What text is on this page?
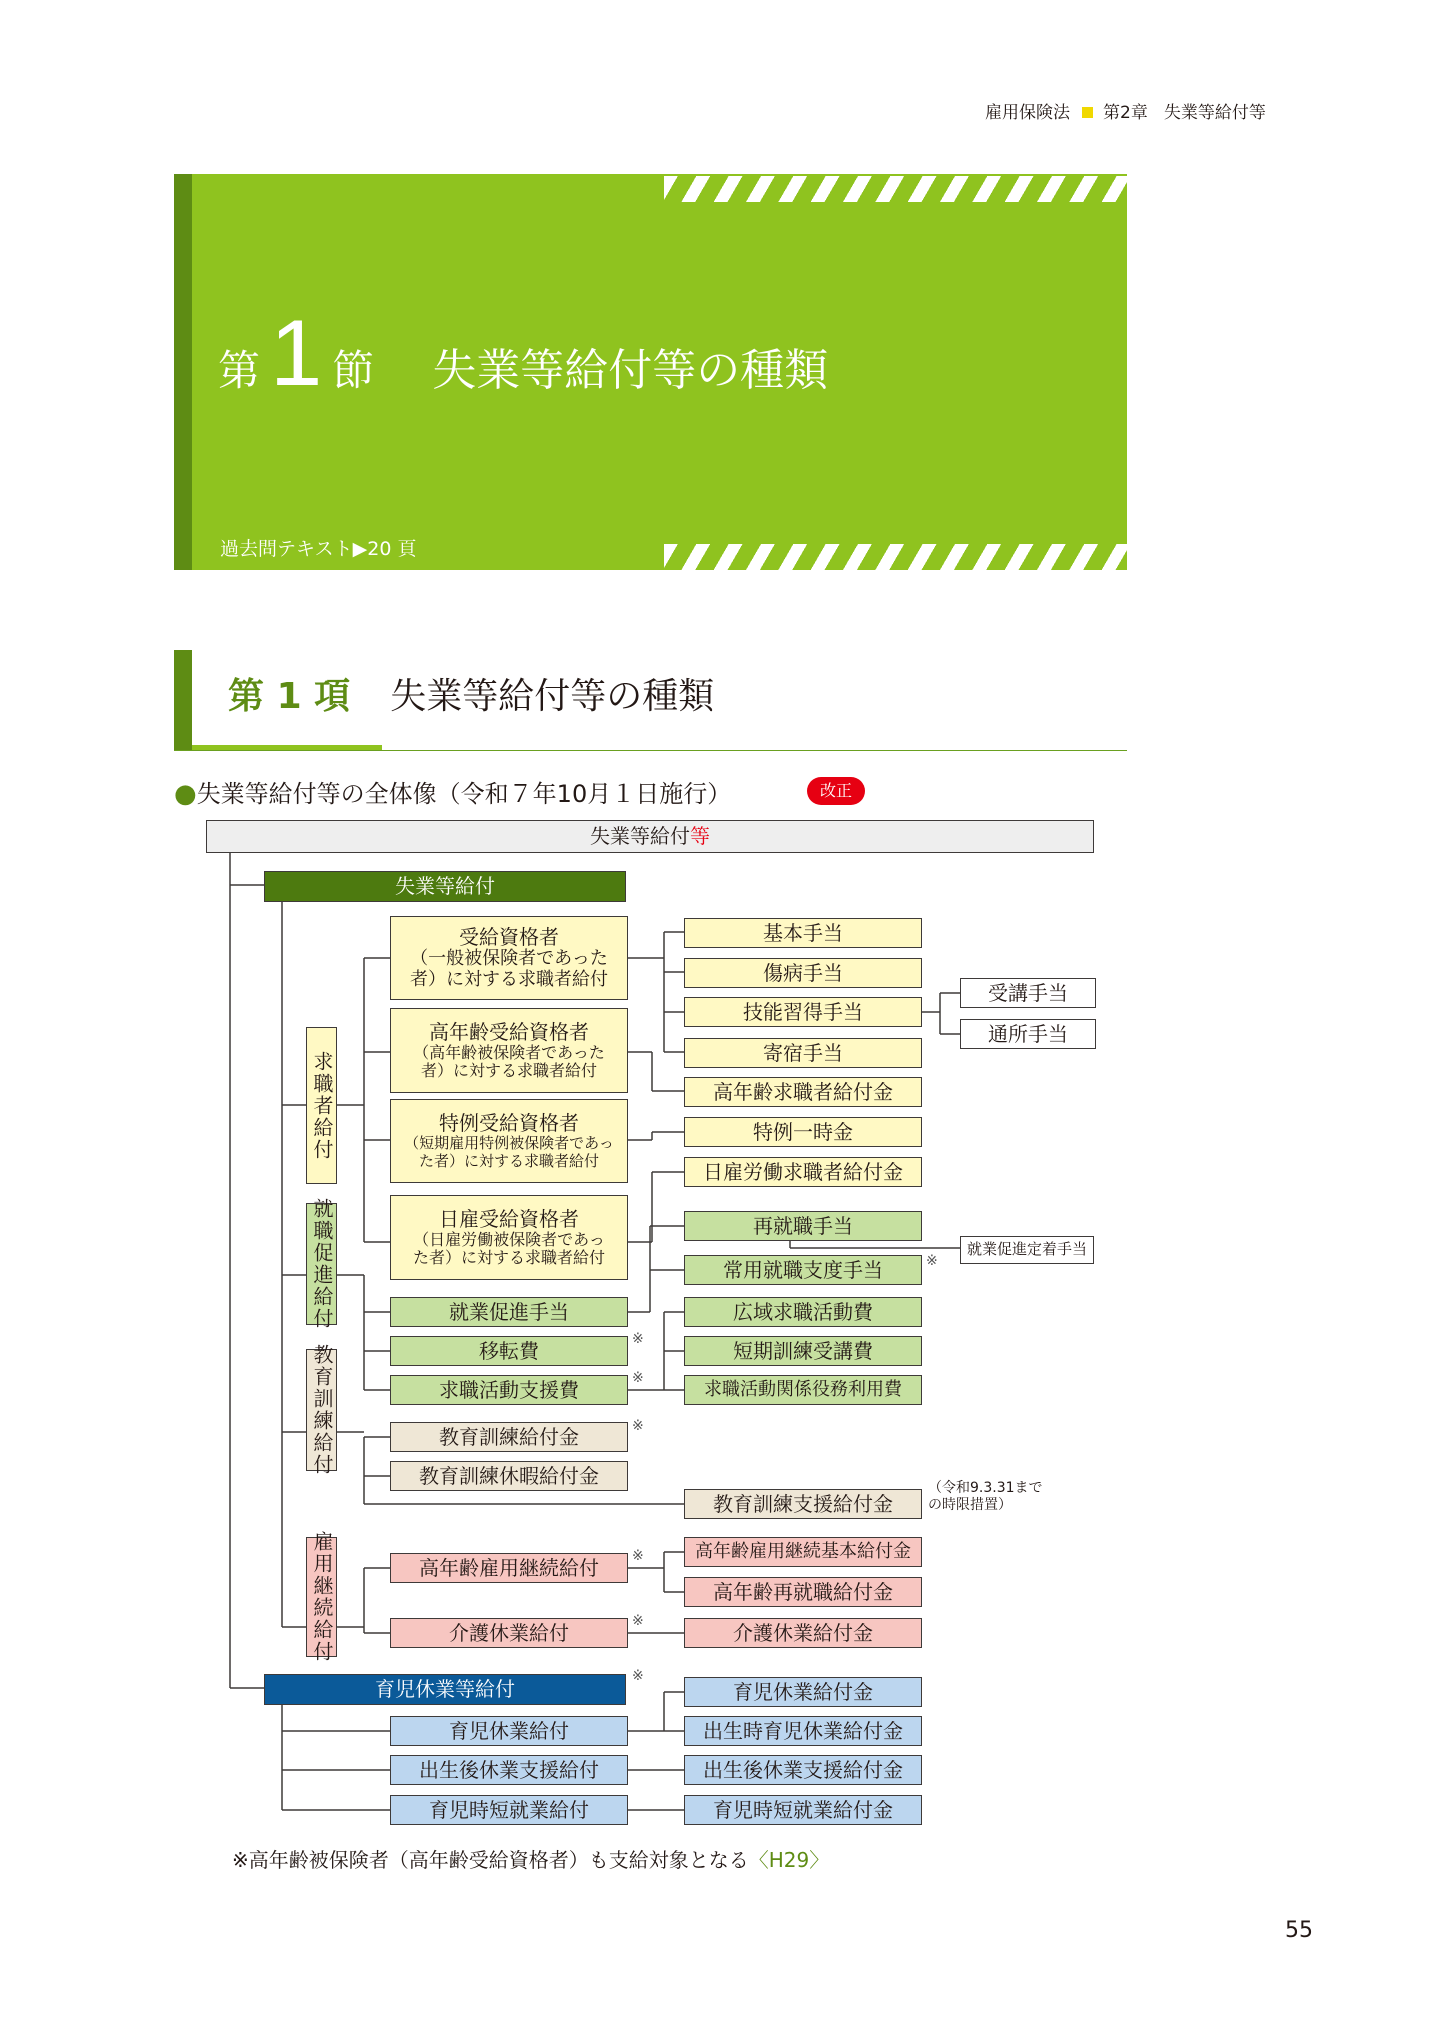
雇用保険法 第2章 失業等給付等
第 1 節 失業等給付等の種類
過去問テキスト▶20 頁
第 1 項 失業等給付等の種類
●失業等給付等の全体像（令和７年10月１日施行）	改正
失業等給付 等
失業等給付
求職者給付
就職促進給付
教育訓練給付
雇用継続給付
受給資格者
（一般被保険者であった
者）に対する求職者給付
高年齢受給資格者
（高年齢被保険者であった
者）に対する求職者給付
特例受給資格者
（短期雇用特例被保険者であっ
た者）に対する求職者給付
日雇受給資格者
（日雇労働被保険者であっ
た者）に対する求職者給付
基本手当
傷病手当
技能習得手当
寄宿手当
受講手当
通所手当
高年齢求職者給付金
特例一時金
日雇労働求職者給付金
再就職手当
常用就職支度手当	※
就業促進定着手当
就業促進手当
移転費	※
求職活動支援費	※
広域求職活動費
短期訓練受講費
求職活動関係役務利用費
教育訓練給付金	※
教育訓練休暇給付金
教育訓練支援給付金
（令和9.3.31まで
の時限措置）
高年齢雇用継続給付	※	高年齢雇用継続基本給付金
高年齢再就職給付金
介護休業給付	※	介護休業給付金
育児休業等給付
※
育児休業給付金
育児休業給付	出生時育児休業給付金
出生後休業支援給付	出生後休業支援給付金
育児時短就業給付	育児時短就業給付金
※高年齢被保険者（高年齢受給資格者）も支給対象となる〈H29〉
55
